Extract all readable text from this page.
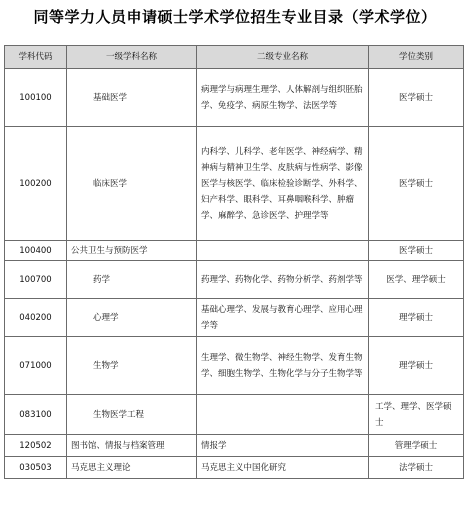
同等学力人员申请硕士学术学位招生专业目录（学术学位）
学科代码	一级学科名称	二级专业名称	学位类别
100100	基础医学	病理学与病理生理学、人体解剖与组织胚胎学、免疫学、病原生物学、法医学等	医学硕士
100200	临床医学	内科学、儿科学、老年医学、神经病学、精神病与精神卫生学、皮肤病与性病学、影像医学与核医学、临床检验诊断学、外科学、妇产科学、眼科学、耳鼻咽喉科学、肿瘤学、麻醉学、急诊医学、护理学等	医学硕士
100400	公共卫生与预防医学		医学硕士
100700	药学	药理学、药物化学、药物分析学、药剂学等	医学、理学硕士
040200	心理学	基础心理学、发展与教育心理学、应用心理学等	理学硕士
071000	生物学	生理学、微生物学、神经生物学、发育生物学、细胞生物学、生物化学与分子生物学等	理学硕士
083100	生物医学工程		工学、理学、医学硕士
120502	图书馆、情报与档案管理	情报学	管理学硕士
030503	马克思主义理论	马克思主义中国化研究	法学硕士
